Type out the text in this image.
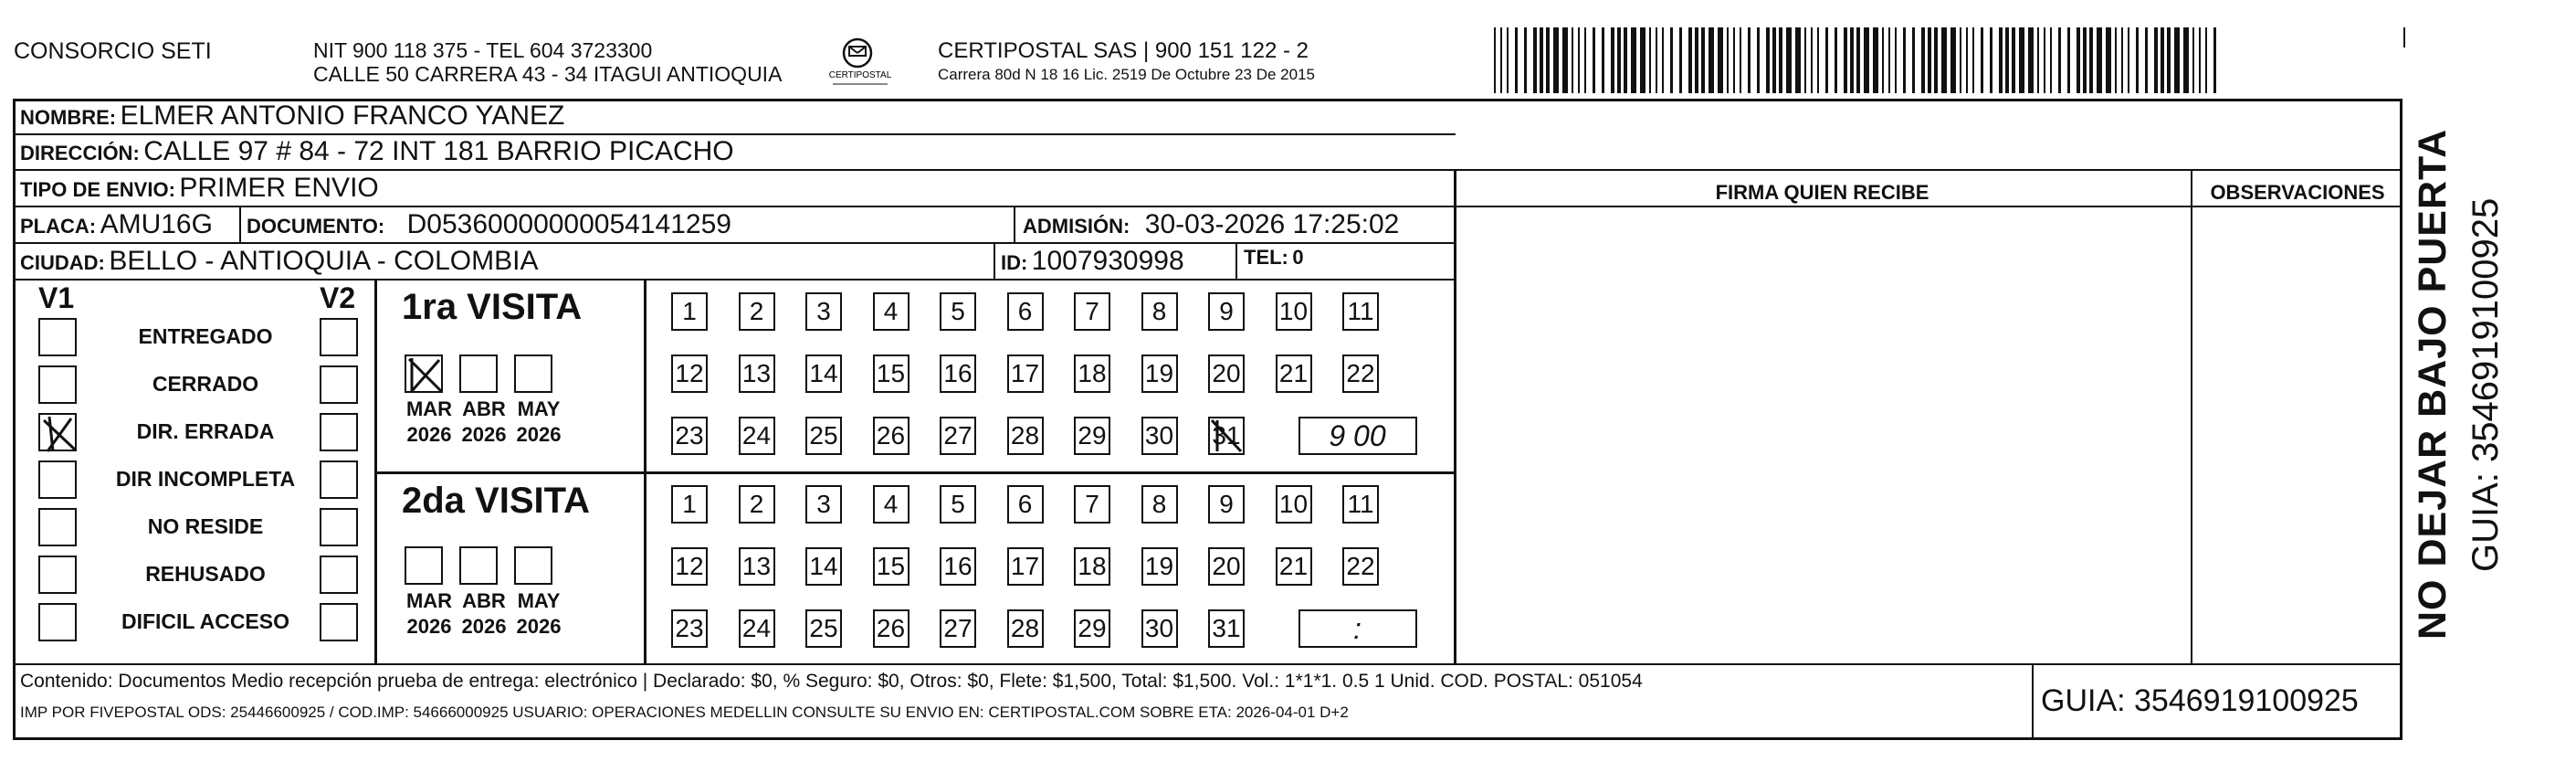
CONSORCIO SETI	NIT 900 118 375 - TEL 604 3723300
CALLE 50 CARRERA 43 - 34 ITAGUI ANTIOQUIA	CERTIPOSTAL
CERTIPOSTAL SAS | 900 151 122 - 2
Carrera 80d N 18 16 Lic. 2519 De Octubre 23 De 2015
NOMBRE: ELMER ANTONIO FRANCO YANEZ
DIRECCIÓN: CALLE 97 # 84 - 72 INT 181 BARRIO PICACHO
TIPO DE ENVIO: PRIMER ENVIO
PLACA: AMU16G DOCUMENTO: D05360000000054141259	ADMISIÓN: 30-03-2026 17:25:02
CIUDAD: BELLO - ANTIOQUIA - COLOMBIA	ID: 1007930998	TEL: 0
FIRMA QUIEN RECIBE	OBSERVACIONES
V1	V2
ENTREGADO
CERRADO
DIR. ERRADA
DIR INCOMPLETA
NO RESIDE
REHUSADO
DIFICIL ACCESO
1ra VISITA
2da VISITA
MAR
2026
ABR
2026
MAY
2026
MAR
2026
ABR
2026
MAY
2026
1	2	3	4	5	6	7	8	9	10 11
12 13 14 15 16 17 18 19 20 21 22
23 24 25 26 27 28 29 30 31	9 00
1	2	3	4	5	6	7	8	9	10 11
12 13 14 15 16 17 18 19 20 21 22
23 24 25 26 27 28 29 30 31	:
Contenido: Documentos Medio recepción prueba de entrega: electrónico | Declarado: $0, % Seguro: $0, Otros: $0, Flete: $1,500, Total: $1,500. Vol.: 1*1*1. 0.5 1 Unid. COD. POSTAL: 051054
IMP POR FIVEPOSTAL ODS: 25446600925 / COD.IMP: 54666000925 USUARIO: OPERACIONES MEDELLIN CONSULTE SU ENVIO EN: CERTIPOSTAL.COM SOBRE ETA: 2026-04-01 D+2	GUIA: 3546919100925
NO DEJAR BAJO PUERTA GUIA: 3546919100925
